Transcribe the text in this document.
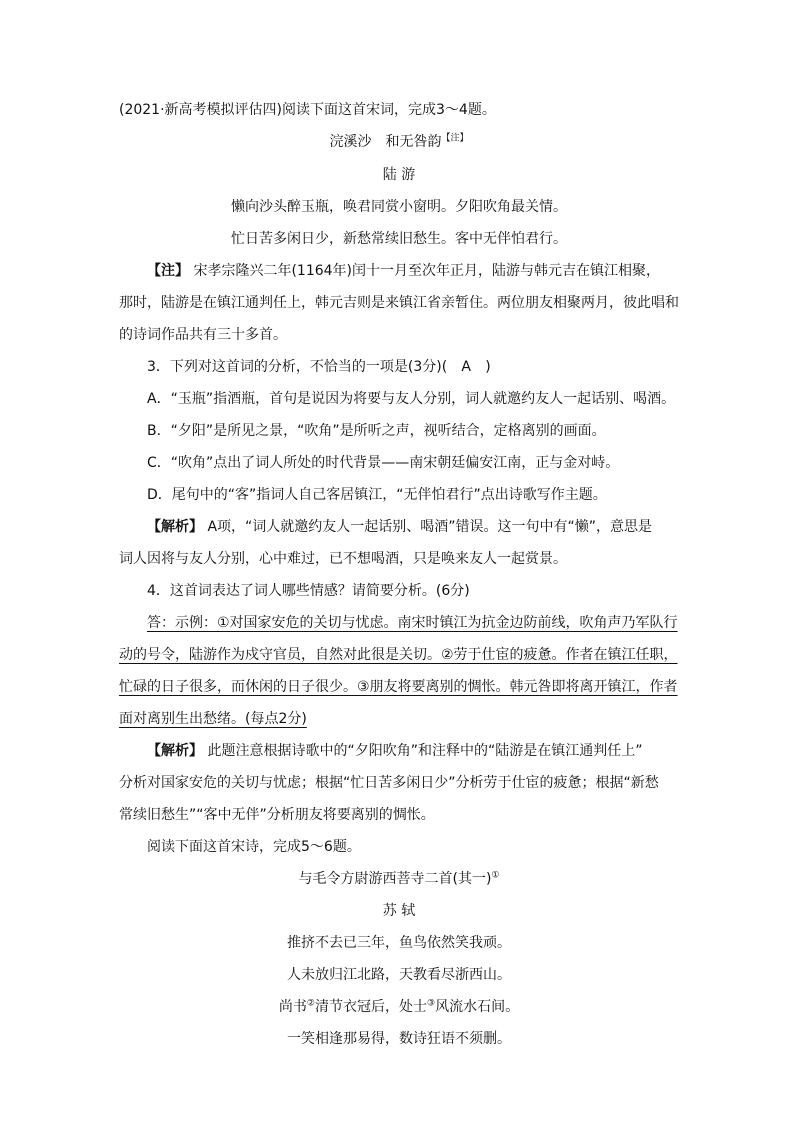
(2021·新高考模拟评估四)阅读下面这首宋词，完成3～4题。
浣溪沙　和无咎韵$^{【注】}$
陆 游
懒向沙头醉玉瓶，唤君同赏小窗明。夕阳吹角最关情。
忙日苦多闲日少，新愁常续旧愁生。客中无伴怕君行。
【注】 宋孝宗隆兴二年(1164年)闰十一月至次年正月，陆游与韩元吉在镇江相聚，
那时，陆游是在镇江通判任上，韩元吉则是来镇江省亲暂住。两位朋友相聚两月，彼此唱和
的诗词作品共有三十多首。
3．下列对这首词的分析，不恰当的一项是(3分)( A )
A．“玉瓶”指酒瓶，首句是说因为将要与友人分别，词人就邀约友人一起话别、喝酒。
B．“夕阳”是所见之景，“吹角”是所听之声，视听结合，定格离别的画面。
C．“吹角”点出了词人所处的时代背景——南宋朝廷偏安江南，正与金对峙。
D．尾句中的“客”指词人自己客居镇江，“无伴怕君行”点出诗歌写作主题。
【解析】 A项，“词人就邀约友人一起话别、喝酒”错误。这一句中有“懒”，意思是
词人因将与友人分别，心中难过，已不想喝酒，只是唤来友人一起赏景。
4．这首词表达了词人哪些情感？请简要分析。(6分)
答：示例：①对国家安危的关切与忧虑。南宋时镇江为抗金边防前线，吹角声乃军队行
动的号令，陆游作为戍守官员，自然对此很是关切。②劳于仕宦的疲惫。作者在镇江任职，
忙碌的日子很多，而休闲的日子很少。③朋友将要离别的惆怅。韩元咎即将离开镇江，作者
面对离别生出愁绪。(每点2分)
【解析】 此题注意根据诗歌中的“夕阳吹角”和注释中的“陆游是在镇江通判任上”
分析对国家安危的关切与忧虑；根据“忙日苦多闲日少”分析劳于仕宦的疲惫；根据“新愁
常续旧愁生”“客中无伴”分析朋友将要离别的惆怅。
阅读下面这首宋诗，完成5～6题。
与毛令方尉游西菩寺二首(其一)①
苏 轼
推挤不去已三年，鱼鸟依然笑我顽。
人未放归江北路，天教看尽浙西山。
尚书②清节衣冠后，处士③风流水石间。
一笑相逢那易得，数诗狂语不须删。
